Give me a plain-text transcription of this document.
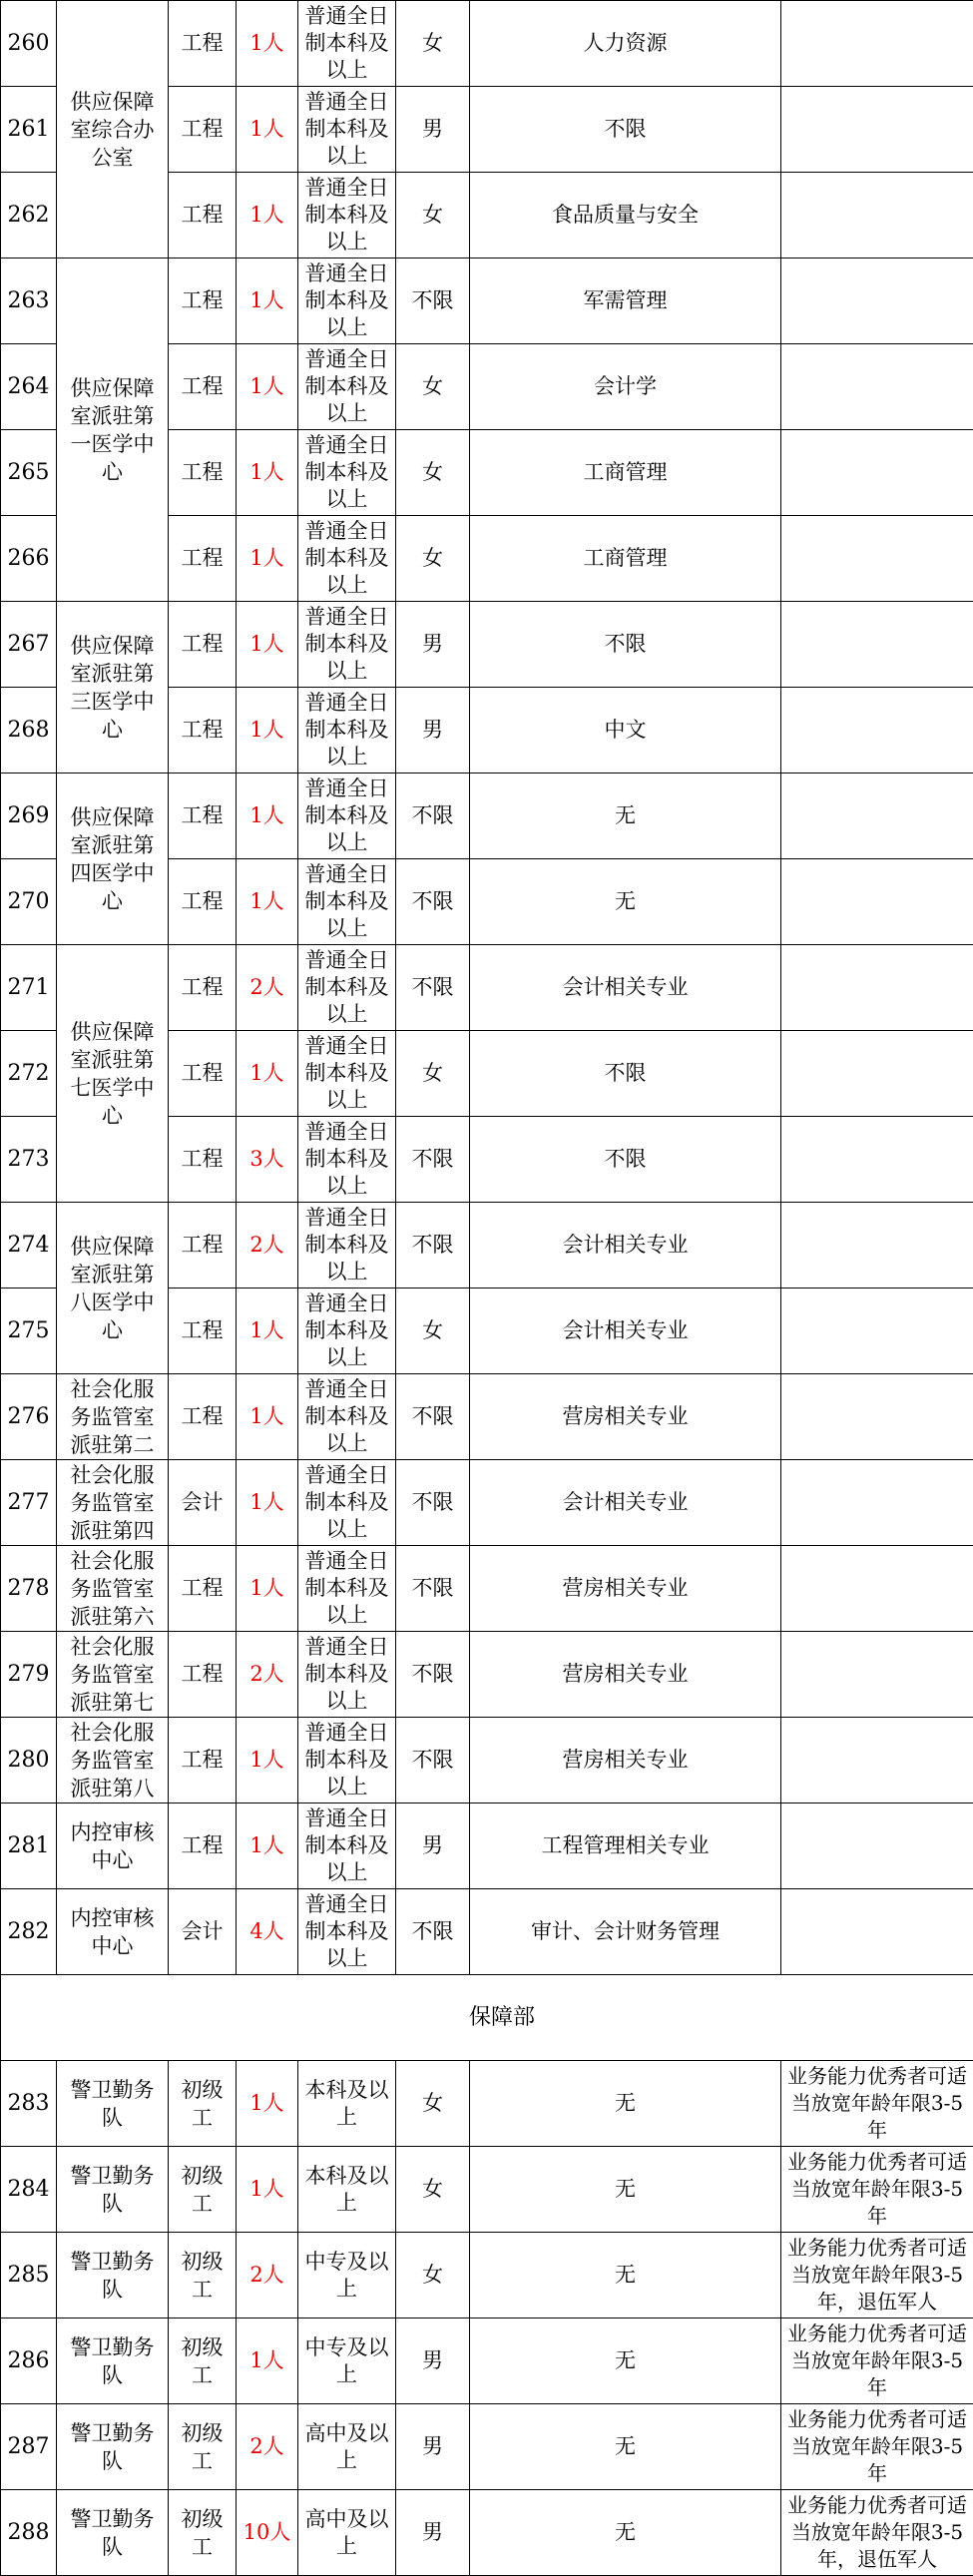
260	供应保障室综合办公室	工程	1人	普通全日制本科及以上	女	人力资源	
261		工程	1人	普通全日制本科及以上	男	不限	
262		工程	1人	普通全日制本科及以上	女	食品质量与安全	
263	供应保障室派驻第一医学中心	工程	1人	普通全日制本科及以上	不限	军需管理	
264		工程	1人	普通全日制本科及以上	女	会计学	
265		工程	1人	普通全日制本科及以上	女	工商管理	
266		工程	1人	普通全日制本科及以上	女	工商管理	
267	供应保障室派驻第三医学中心	工程	1人	普通全日制本科及以上	男	不限	
268		工程	1人	普通全日制本科及以上	男	中文	
269	供应保障室派驻第四医学中心	工程	1人	普通全日制本科及以上	不限	无	
270		工程	1人	普通全日制本科及以上	不限	无	
271	供应保障室派驻第七医学中心	工程	2人	普通全日制本科及以上	不限	会计相关专业	
272		工程	1人	普通全日制本科及以上	女	不限	
273		工程	3人	普通全日制本科及以上	不限	不限	
274	供应保障室派驻第八医学中心	工程	2人	普通全日制本科及以上	不限	会计相关专业	
275		工程	1人	普通全日制本科及以上	女	会计相关专业	
276	社会化服务监管室派驻第二	工程	1人	普通全日制本科及以上	不限	营房相关专业	
277	社会化服务监管室派驻第四	会计	1人	普通全日制本科及以上	不限	会计相关专业	
278	社会化服务监管室派驻第六	工程	1人	普通全日制本科及以上	不限	营房相关专业	
279	社会化服务监管室派驻第七	工程	2人	普通全日制本科及以上	不限	营房相关专业	
280	社会化服务监管室派驻第八	工程	1人	普通全日制本科及以上	不限	营房相关专业	
281	内控审核中心	工程	1人	普通全日制本科及以上	男	工程管理相关专业	
282	内控审核中心	会计	4人	普通全日制本科及以上	不限	审计、会计财务管理	
保障部							
283	警卫勤务队	初级工	1人	本科及以上	女	无	业务能力优秀者可适当放宽年龄年限3-5年
284	警卫勤务队	初级工	1人	本科及以上	女	无	业务能力优秀者可适当放宽年龄年限3-5年
285	警卫勤务队	初级工	2人	中专及以上	女	无	业务能力优秀者可适当放宽年龄年限3-5年，退伍军人
286	警卫勤务队	初级工	1人	中专及以上	男	无	业务能力优秀者可适当放宽年龄年限3-5年
287	警卫勤务队	初级工	2人	高中及以上	男	无	业务能力优秀者可适当放宽年龄年限3-5年
288	警卫勤务队	初级工	10人	高中及以上	男	无	业务能力优秀者可适当放宽年龄年限3-5年，退伍军人
